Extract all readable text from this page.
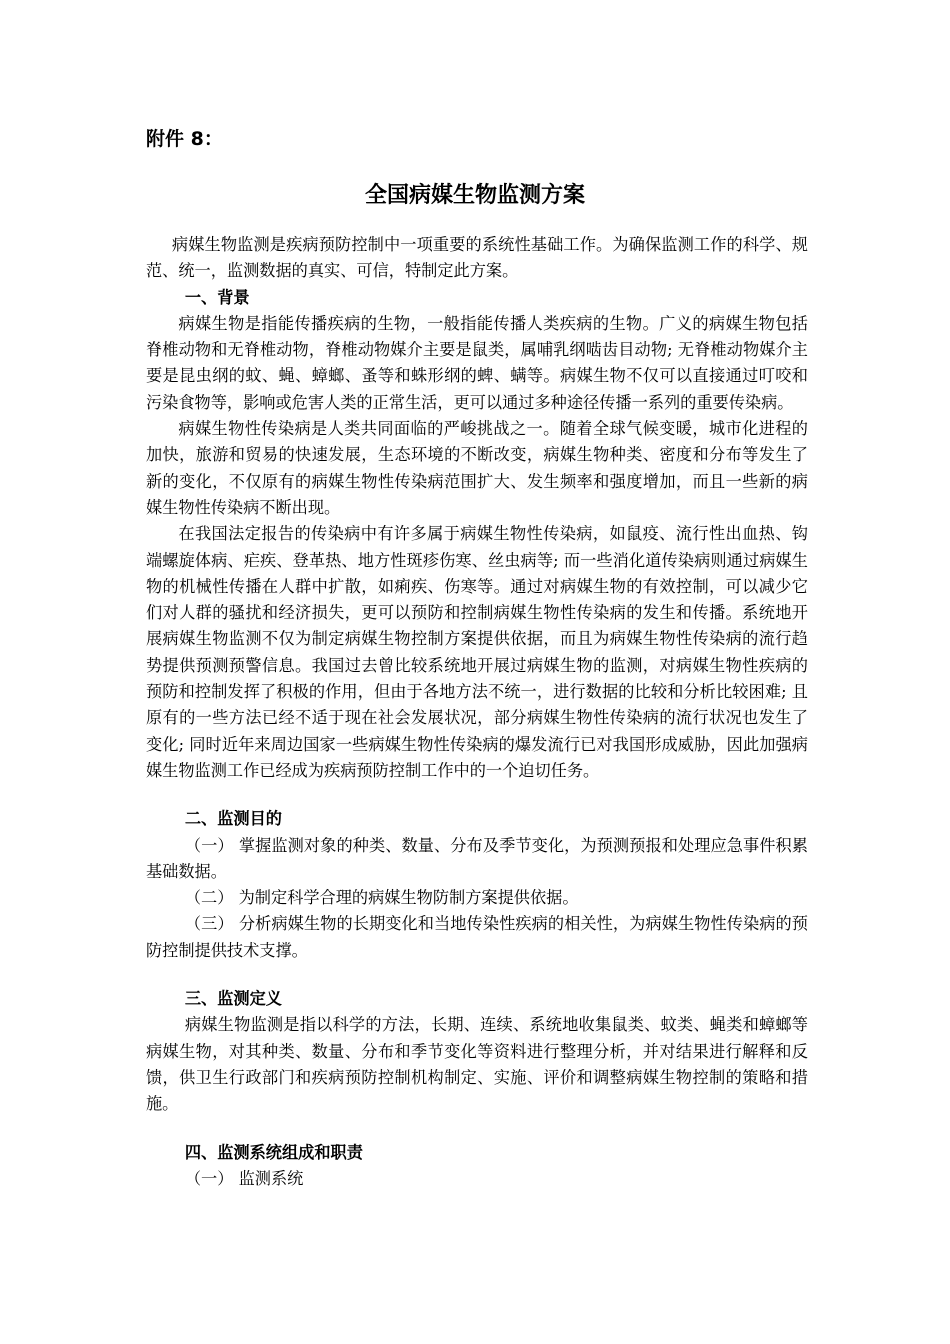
附件 8：

全国病媒生物监测方案

病媒生物监测是疾病预防控制中一项重要的系统性基础工作。为确保监测工作的科学、规范、统一，监测数据的真实、可信，特制定此方案。

一、背景

病媒生物是指能传播疾病的生物，一般指能传播人类疾病的生物。广义的病媒生物包括脊椎动物和无脊椎动物，脊椎动物媒介主要是鼠类，属哺乳纲啮齿目动物; 无脊椎动物媒介主要是昆虫纲的蚊、蝇、蟑螂、蚤等和蛛形纲的蜱、螨等。病媒生物不仅可以直接通过叮咬和污染食物等，影响或危害人类的正常生活，更可以通过多种途径传播一系列的重要传染病。

病媒生物性传染病是人类共同面临的严峻挑战之一。随着全球气候变暖，城市化进程的加快，旅游和贸易的快速发展，生态环境的不断改变，病媒生物种类、密度和分布等发生了新的变化，不仅原有的病媒生物性传染病范围扩大、发生频率和强度增加，而且一些新的病媒生物性传染病不断出现。

在我国法定报告的传染病中有许多属于病媒生物性传染病，如鼠疫、流行性出血热、钩端螺旋体病、疟疾、登革热、地方性斑疹伤寒、丝虫病等; 而一些消化道传染病则通过病媒生物的机械性传播在人群中扩散，如痢疾、伤寒等。通过对病媒生物的有效控制，可以减少它们对人群的骚扰和经济损失，更可以预防和控制病媒生物性传染病的发生和传播。系统地开展病媒生物监测不仅为制定病媒生物控制方案提供依据，而且为病媒生物性传染病的流行趋势提供预测预警信息。我国过去曾比较系统地开展过病媒生物的监测，对病媒生物性疾病的预防和控制发挥了积极的作用，但由于各地方法不统一，进行数据的比较和分析比较困难; 且原有的一些方法已经不适于现在社会发展状况，部分病媒生物性传染病的流行状况也发生了变化; 同时近年来周边国家一些病媒生物性传染病的爆发流行已对我国形成威胁，因此加强病媒生物监测工作已经成为疾病预防控制工作中的一个迫切任务。

二、监测目的

（一） 掌握监测对象的种类、数量、分布及季节变化，为预测预报和处理应急事件积累基础数据。

（二） 为制定科学合理的病媒生物防制方案提供依据。

（三） 分析病媒生物的长期变化和当地传染性疾病的相关性，为病媒生物性传染病的预防控制提供技术支撑。

三、监测定义

病媒生物监测是指以科学的方法，长期、连续、系统地收集鼠类、蚊类、蝇类和蟑螂等病媒生物，对其种类、数量、分布和季节变化等资料进行整理分析，并对结果进行解释和反馈，供卫生行政部门和疾病预防控制机构制定、实施、评价和调整病媒生物控制的策略和措施。

四、监测系统组成和职责

（一） 监测系统
